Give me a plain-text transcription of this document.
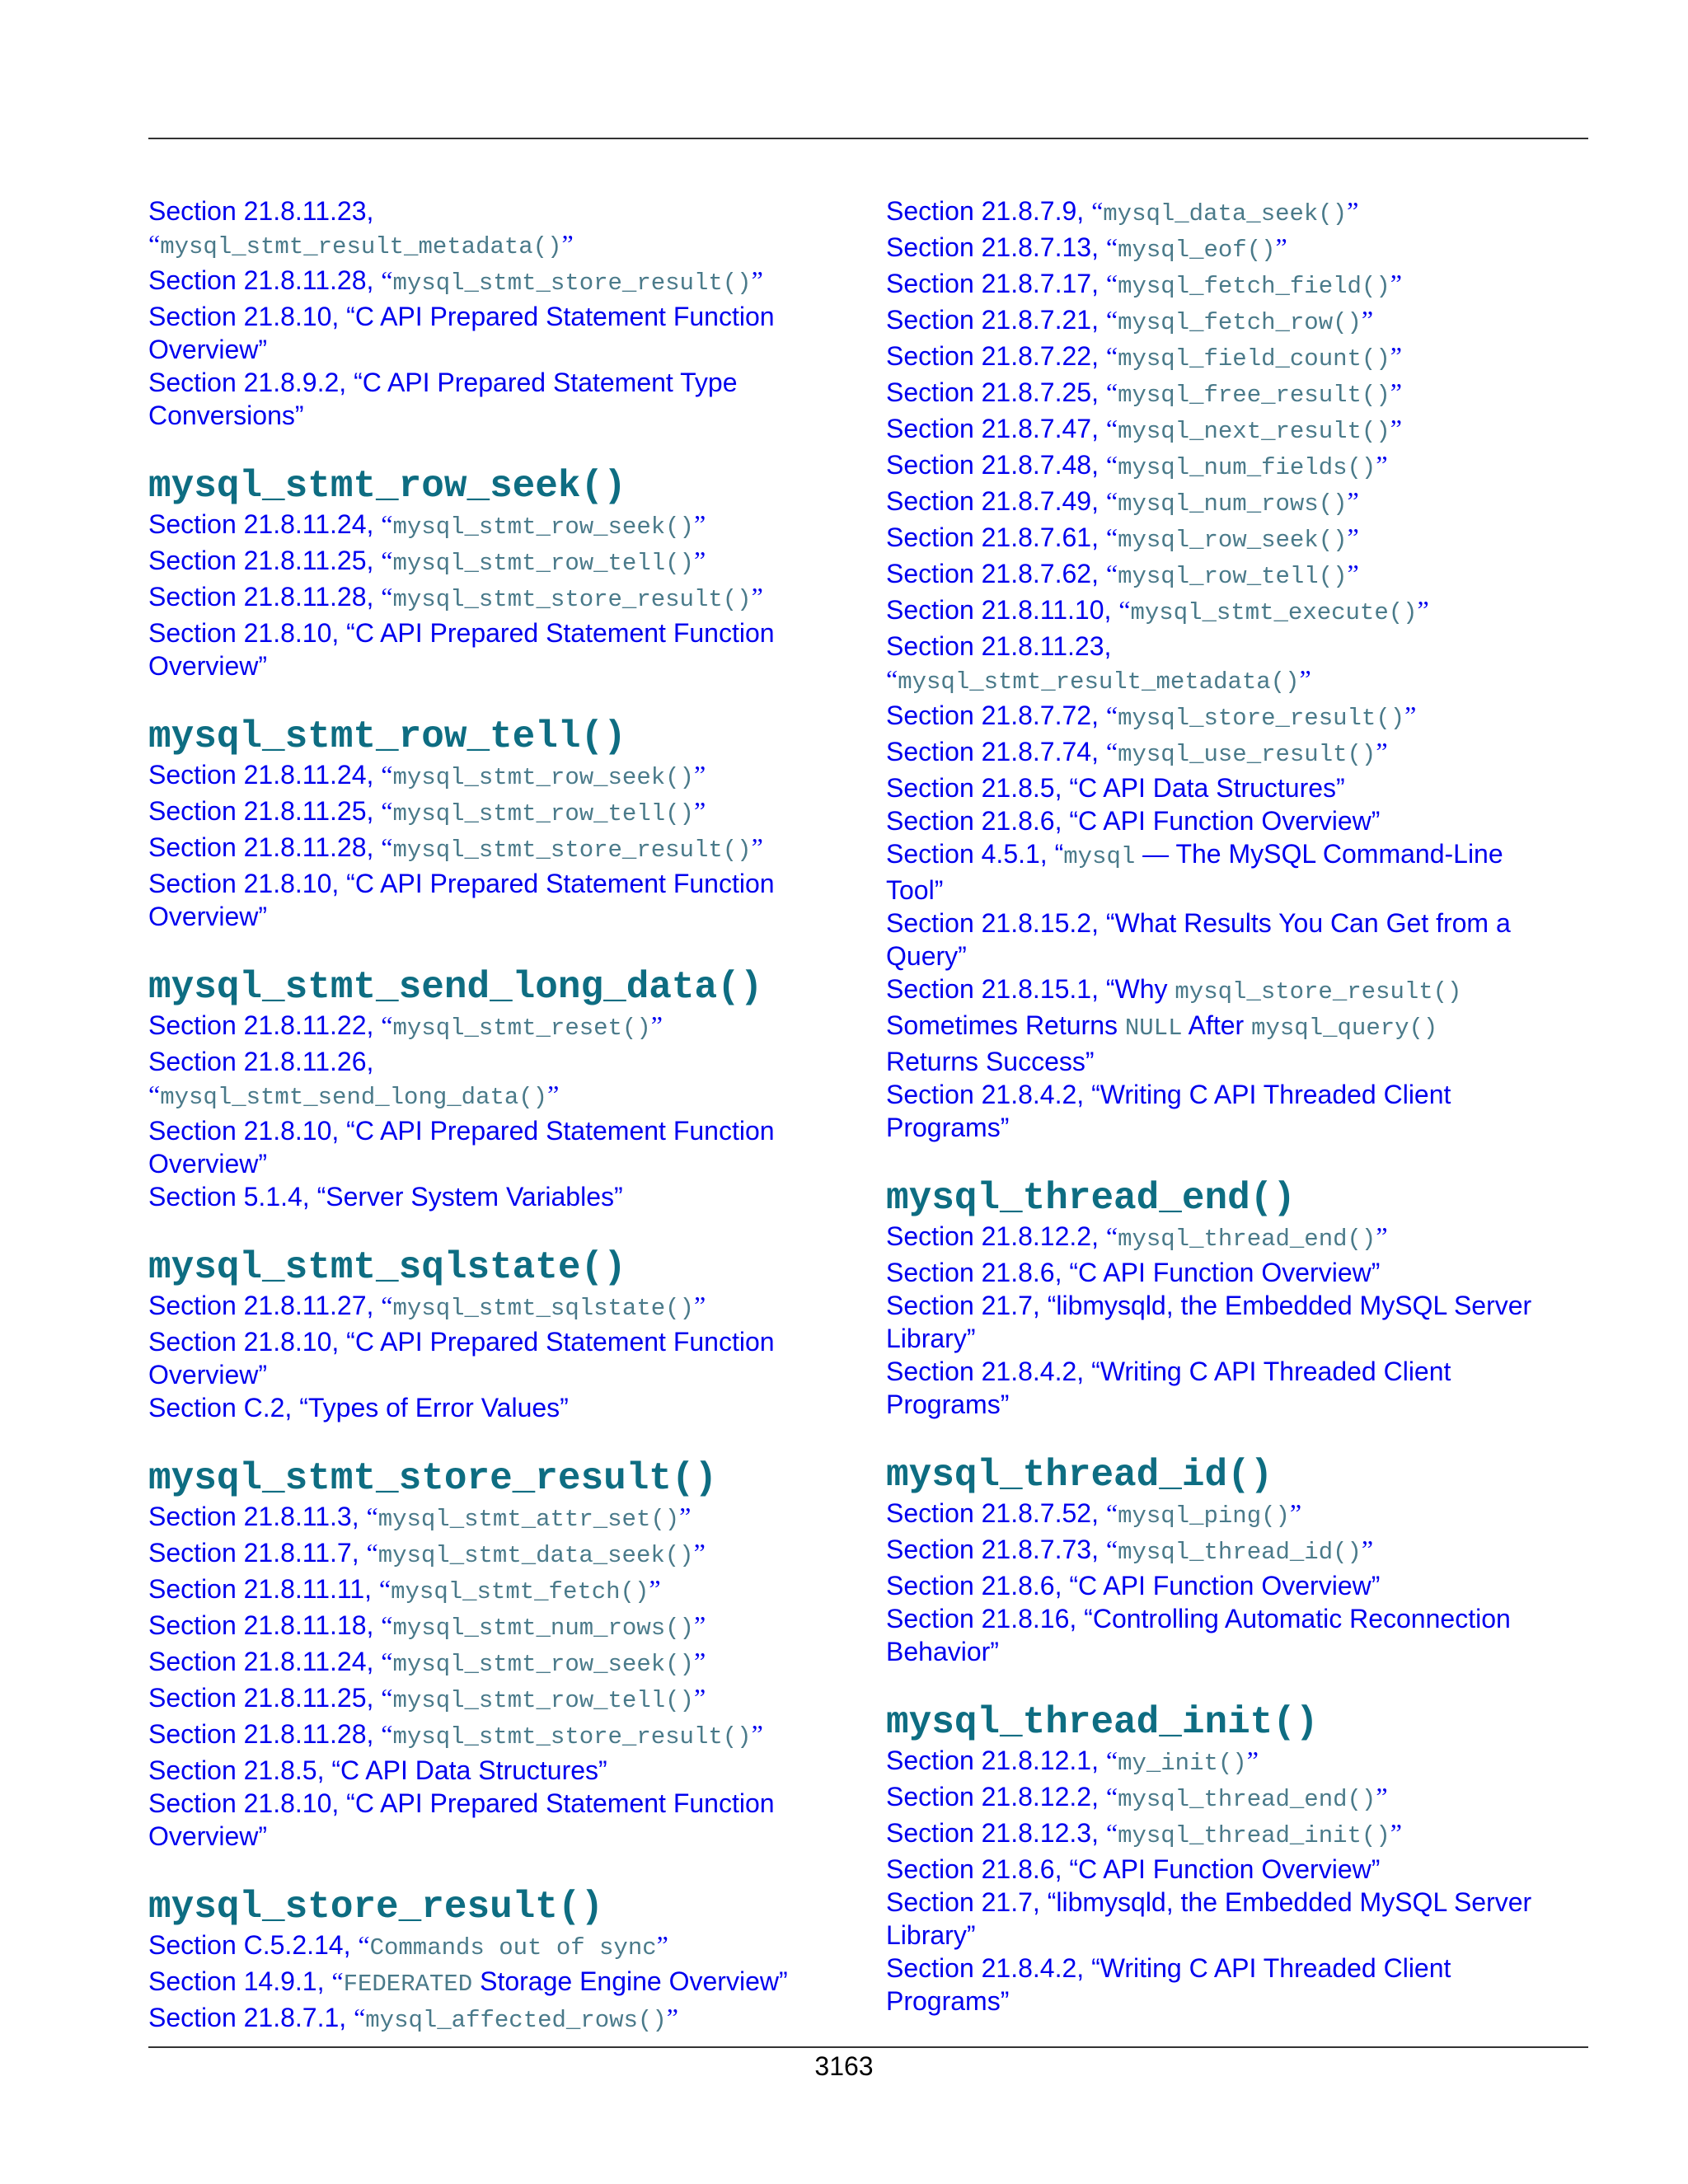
Section 21.8.11.23,
“mysql_stmt_result_metadata()”
Section 21.8.11.28, “mysql_stmt_store_result()”
Section 21.8.10, “C API Prepared Statement Function
Overview”
Section 21.8.9.2, “C API Prepared Statement Type
Conversions”
mysql_stmt_row_seek()
Section 21.8.11.24, “mysql_stmt_row_seek()”
Section 21.8.11.25, “mysql_stmt_row_tell()”
Section 21.8.11.28, “mysql_stmt_store_result()”
Section 21.8.10, “C API Prepared Statement Function
Overview”
mysql_stmt_row_tell()
Section 21.8.11.24, “mysql_stmt_row_seek()”
Section 21.8.11.25, “mysql_stmt_row_tell()”
Section 21.8.11.28, “mysql_stmt_store_result()”
Section 21.8.10, “C API Prepared Statement Function
Overview”
mysql_stmt_send_long_data()
Section 21.8.11.22, “mysql_stmt_reset()”
Section 21.8.11.26,
“mysql_stmt_send_long_data()”
Section 21.8.10, “C API Prepared Statement Function
Overview”
Section 5.1.4, “Server System Variables”
mysql_stmt_sqlstate()
Section 21.8.11.27, “mysql_stmt_sqlstate()”
Section 21.8.10, “C API Prepared Statement Function
Overview”
Section C.2, “Types of Error Values”
mysql_stmt_store_result()
Section 21.8.11.3, “mysql_stmt_attr_set()”
Section 21.8.11.7, “mysql_stmt_data_seek()”
Section 21.8.11.11, “mysql_stmt_fetch()”
Section 21.8.11.18, “mysql_stmt_num_rows()”
Section 21.8.11.24, “mysql_stmt_row_seek()”
Section 21.8.11.25, “mysql_stmt_row_tell()”
Section 21.8.11.28, “mysql_stmt_store_result()”
Section 21.8.5, “C API Data Structures”
Section 21.8.10, “C API Prepared Statement Function
Overview”
mysql_store_result()
Section C.5.2.14, “Commands out of sync”
Section 14.9.1, “FEDERATED Storage Engine Overview”
Section 21.8.7.1, “mysql_affected_rows()”
Section 21.8.7.9, “mysql_data_seek()”
Section 21.8.7.13, “mysql_eof()”
Section 21.8.7.17, “mysql_fetch_field()”
Section 21.8.7.21, “mysql_fetch_row()”
Section 21.8.7.22, “mysql_field_count()”
Section 21.8.7.25, “mysql_free_result()”
Section 21.8.7.47, “mysql_next_result()”
Section 21.8.7.48, “mysql_num_fields()”
Section 21.8.7.49, “mysql_num_rows()”
Section 21.8.7.61, “mysql_row_seek()”
Section 21.8.7.62, “mysql_row_tell()”
Section 21.8.11.10, “mysql_stmt_execute()”
Section 21.8.11.23,
“mysql_stmt_result_metadata()”
Section 21.8.7.72, “mysql_store_result()”
Section 21.8.7.74, “mysql_use_result()”
Section 21.8.5, “C API Data Structures”
Section 21.8.6, “C API Function Overview”
Section 4.5.1, “mysql — The MySQL Command-Line
Tool”
Section 21.8.15.2, “What Results You Can Get from a
Query”
Section 21.8.15.1, “Why mysql_store_result()
Sometimes Returns NULL After mysql_query()
Returns Success”
Section 21.8.4.2, “Writing C API Threaded Client
Programs”
mysql_thread_end()
Section 21.8.12.2, “mysql_thread_end()”
Section 21.8.6, “C API Function Overview”
Section 21.7, “libmysqld, the Embedded MySQL Server
Library”
Section 21.8.4.2, “Writing C API Threaded Client
Programs”
mysql_thread_id()
Section 21.8.7.52, “mysql_ping()”
Section 21.8.7.73, “mysql_thread_id()”
Section 21.8.6, “C API Function Overview”
Section 21.8.16, “Controlling Automatic Reconnection
Behavior”
mysql_thread_init()
Section 21.8.12.1, “my_init()”
Section 21.8.12.2, “mysql_thread_end()”
Section 21.8.12.3, “mysql_thread_init()”
Section 21.8.6, “C API Function Overview”
Section 21.7, “libmysqld, the Embedded MySQL Server
Library”
Section 21.8.4.2, “Writing C API Threaded Client
Programs”
3163
